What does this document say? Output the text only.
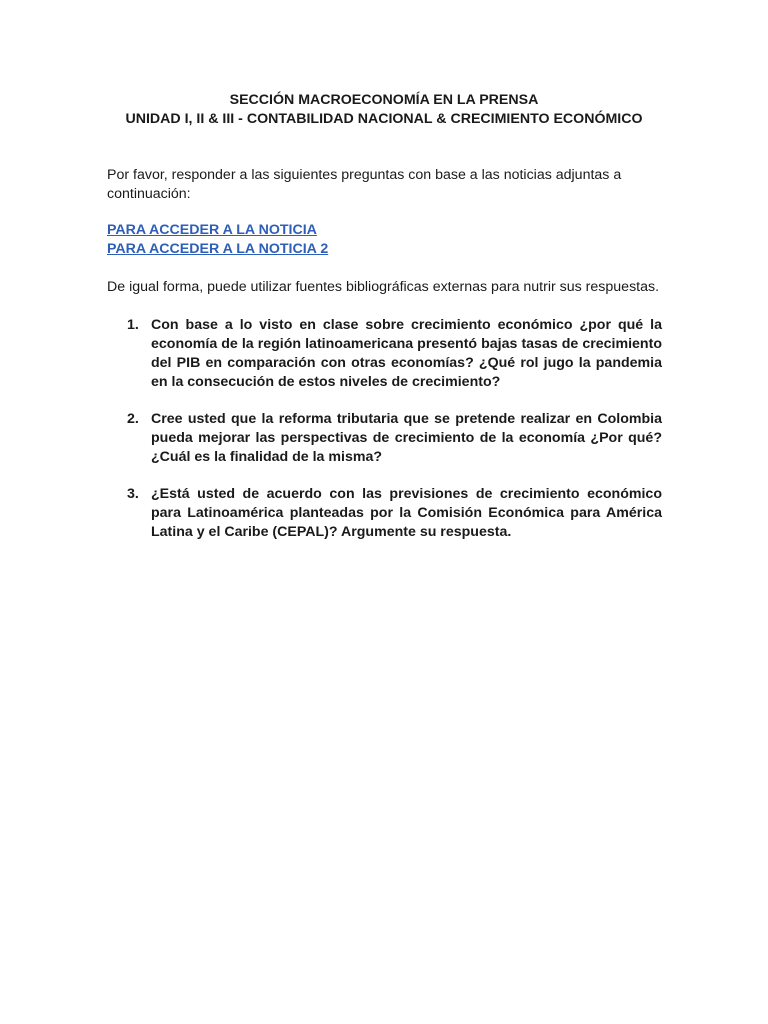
SECCIÓN MACROECONOMÍA EN LA PRENSA
UNIDAD I, II & III - CONTABILIDAD NACIONAL & CRECIMIENTO ECONÓMICO
Por favor, responder a las siguientes preguntas con base a las noticias adjuntas a continuación:
PARA ACCEDER A LA NOTICIA
PARA ACCEDER A LA NOTICIA 2
De igual forma, puede utilizar fuentes bibliográficas externas para nutrir sus respuestas.
1. Con base a lo visto en clase sobre crecimiento económico ¿por qué la economía de la región latinoamericana presentó bajas tasas de crecimiento del PIB en comparación con otras economías? ¿Qué rol jugo la pandemia en la consecución de estos niveles de crecimiento?
2. Cree usted que la reforma tributaria que se pretende realizar en Colombia pueda mejorar las perspectivas de crecimiento de la economía ¿Por qué? ¿Cuál es la finalidad de la misma?
3. ¿Está usted de acuerdo con las previsiones de crecimiento económico para Latinoamérica planteadas por la Comisión Económica para América Latina y el Caribe (CEPAL)? Argumente su respuesta.
